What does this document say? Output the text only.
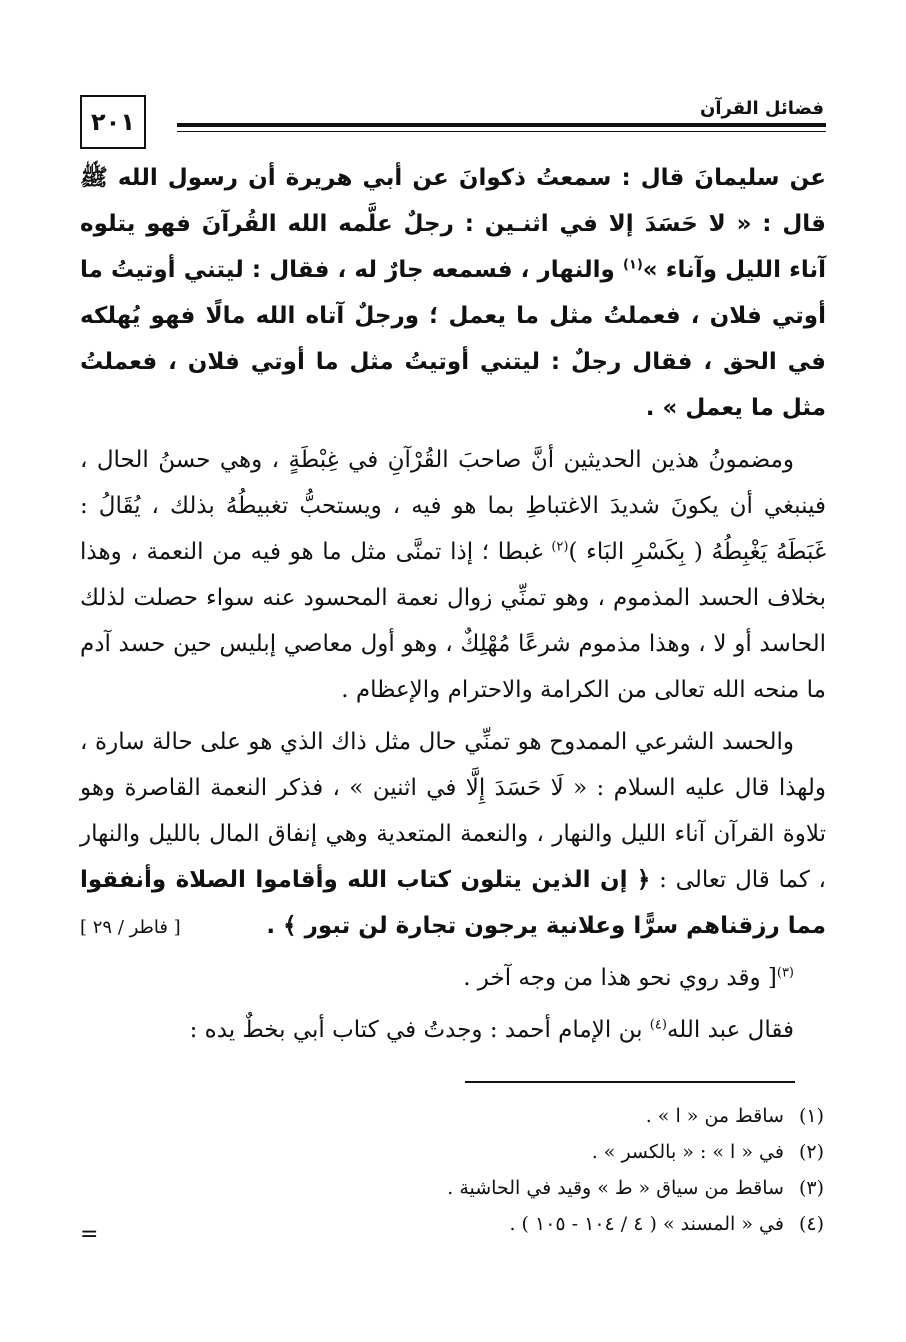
٢٠١	فضائل القرآن

عن سليمانَ قال : سمعتُ ذكوانَ عن أبي هريرة أن رسول الله ﷺ قال : « لا حَسَدَ إلا في اثنـين : رجلٌ علَّمه الله القُرآنَ فهو يتلوه آناء الليل وآناء »$^{(١)}$ والنهار ، فسمعه جارٌ له ، فقال : ليتني أوتيتُ ما أوتي فلان ، فعملتُ مثل ما يعمل ؛ ورجلٌ آتاه الله مالًا فهو يُهلكه في الحق ، فقال رجلٌ : ليتني أوتيتُ مثل ما أوتي فلان ، فعملتُ مثل ما يعمل » .

ومضمونُ هذين الحديثين أنَّ صاحبَ القُرْآنِ في غِبْطَةٍ ، وهي حسنُ الحال ، فينبغي أن يكونَ شديدَ الاغتباطِ بما هو فيه ، ويستحبُّ تغبيطُهُ بذلك ، يُقَالُ : غَبَطَهُ يَغْبِطُهُ ( بِكَسْرِ البَاء )$^{(٢)}$ غبطا ؛ إذا تمنَّى مثل ما هو فيه من النعمة ، وهذا بخلاف الحسد المذموم ، وهو تمنِّي زوال نعمة المحسود عنه سواء حصلت لذلك الحاسد أو لا ، وهذا مذموم شرعًا مُهْلِكٌ ، وهو أول معاصي إبليس حين حسد آدم ما منحه الله تعالى من الكرامة والاحترام والإعظام .

والحسد الشرعي الممدوح هو تمنِّي حال مثل ذاك الذي هو على حالة سارة ، ولهذا قال عليه السلام : « لَا حَسَدَ إِلَّا في اثنين » ، فذكر النعمة القاصرة وهو تلاوة القرآن آناء الليل والنهار ، والنعمة المتعدية وهي إنفاق المال بالليل والنهار ، كما قال تعالى : ﴿ إن الذين يتلون كتاب الله وأقاموا الصلاة وأنفقوا مما رزقناهم سرًّا وعلانية يرجون تجارة لن تبور ﴾ .
[ فاطر / ٢٩ ]

$^{(٣)}$[ وقد روي نحو هذا من وجه آخر .

فقال عبد الله$^{(٤)}$ بن الإمام أحمد : وجدتُ في كتاب أبي بخطٌ يده :

(١) ساقط من « ا » .
(٢) في « ا » : « بالكسر » .
(٣) ساقط من سياق « ط » وقيد في الحاشية .
(٤) في « المسند » ( ٤ / ١٠٤ - ١٠٥ ) .
=
